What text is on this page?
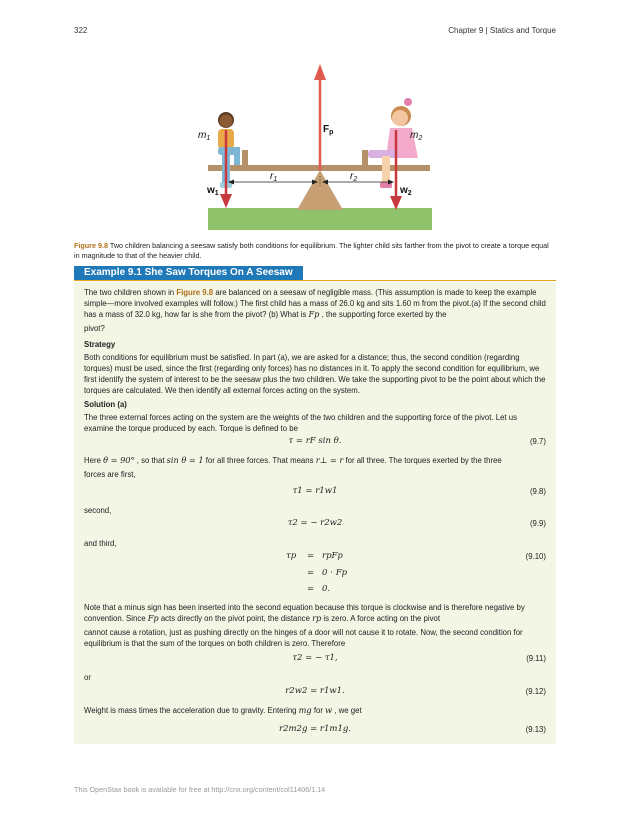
322	Chapter 9 | Statics and Torque
$m_1$	$m_2$
$F_p$
$w_1$	$w_2$
$r_1$	$r_2$
Figure 9.8 Two children balancing a seesaw satisfy both conditions for equilibrium. The lighter child sits farther from the pivot to create a torque equal in magnitude to that of the heavier child.
Example 9.1 She Saw Torques On A Seesaw
The two children shown in Figure 9.8 are balanced on a seesaw of negligible mass. (This assumption is made to keep the example simple—more involved examples will follow.) The first child has a mass of 26.0 kg and sits 1.60 m from the pivot.(a) If the second child has a mass of 32.0 kg, how far is she from the pivot? (b) What is Fp , the supporting force exerted by the
pivot?
Strategy
Both conditions for equilibrium must be satisfied. In part (a), we are asked for a distance; thus, the second condition (regarding torques) must be used, since the first (regarding only forces) has no distances in it. To apply the second condition for equilibrium, we first identify the system of interest to be the seesaw plus the two children. We take the supporting pivot to be the point about which the torques are calculated. We then identify all external forces acting on the system.
Solution (a)
The three external forces acting on the system are the weights of the two children and the supporting force of the pivot. Let us examine the torque produced by each. Torque is defined to be
τ = rF sin θ.	(9.7)
Here θ = 90° , so that sin θ = 1 for all three forces. That means r⊥ = r for all three. The torques exerted by the three
forces are first,
τ1 = r1w1	(9.8)
second,
τ2 = − r2w2	(9.9)
and third,
τp = rpFp
= 0 ⋅ Fp
= 0.
(9.10)
Note that a minus sign has been inserted into the second equation because this torque is clockwise and is therefore negative by convention. Since Fp acts directly on the pivot point, the distance rp is zero. A force acting on the pivot
cannot cause a rotation, just as pushing directly on the hinges of a door will not cause it to rotate. Now, the second condition for equilibrium is that the sum of the torques on both children is zero. Therefore
τ2 = − τ1,	(9.11)
or
r2w2 = r1w1.	(9.12)
Weight is mass times the acceleration due to gravity. Entering mg for w , we get
r2m2g = r1m1g.	(9.13)
This OpenStax book is available for free at http://cnx.org/content/col11406/1.14
